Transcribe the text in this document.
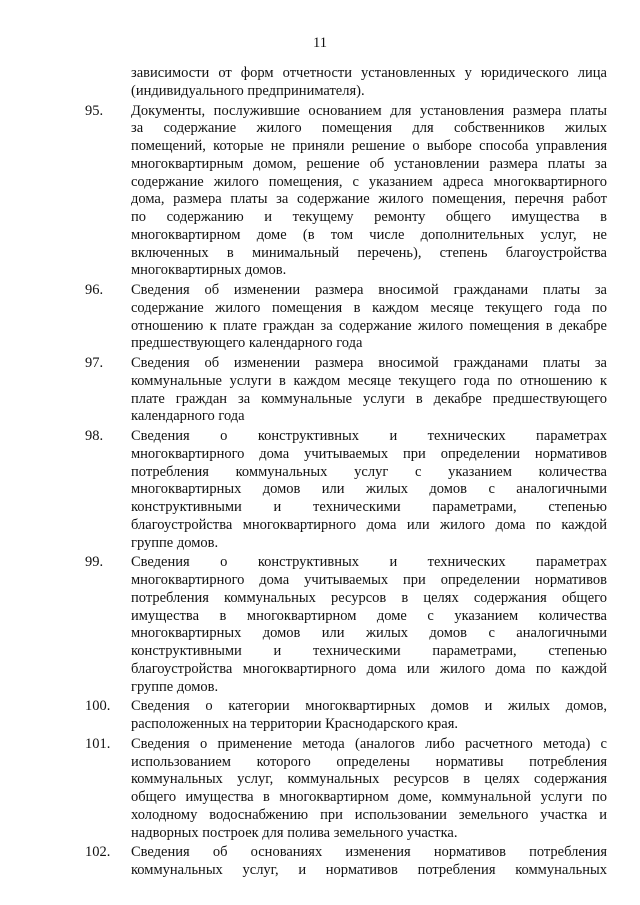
11
зависимости от форм отчетности установленных у юридического лица
(индивидуального предпринимателя).
95. Документы, послужившие основанием для установления размера платы
за содержание жилого помещения для собственников жилых
помещений, которые не приняли решение о выборе способа управления
многоквартирным домом, решение об установлении размера платы за
содержание жилого помещения, с указанием адреса многоквартирного
дома, размера платы за содержание жилого помещения, перечня работ
по содержанию и текущему ремонту общего имущества в
многоквартирном доме (в том числе дополнительных услуг, не
включенных в минимальный перечень), степень благоустройства
многоквартирных домов.
96. Сведения об изменении размера вносимой гражданами платы за
содержание жилого помещения в каждом месяце текущего года по
отношению к плате граждан за содержание жилого помещения в декабре
предшествующего календарного года
97. Сведения об изменении размера вносимой гражданами платы за
коммунальные услуги в каждом месяце текущего года по отношению к
плате граждан за коммунальные услуги в декабре предшествующего
календарного года
98. Сведения о конструктивных и технических параметрах
многоквартирного дома учитываемых при определении нормативов
потребления коммунальных услуг с указанием количества
многоквартирных домов или жилых домов с аналогичными
конструктивными и техническими параметрами, степенью
благоустройства многоквартирного дома или жилого дома по каждой
группе домов.
99. Сведения о конструктивных и технических параметрах
многоквартирного дома учитываемых при определении нормативов
потребления коммунальных ресурсов в целях содержания общего
имущества в многоквартирном доме с указанием количества
многоквартирных домов или жилых домов с аналогичными
конструктивными и техническими параметрами, степенью
благоустройства многоквартирного дома или жилого дома по каждой
группе домов.
100. Сведения о категории многоквартирных домов и жилых домов,
расположенных на территории Краснодарского края.
101. Сведения о применение метода (аналогов либо расчетного метода) с
использованием которого определены нормативы потребления
коммунальных услуг, коммунальных ресурсов в целях содержания
общего имущества в многоквартирном доме, коммунальной услуги по
холодному водоснабжению при использовании земельного участка и
надворных построек для полива земельного участка.
102. Сведения об основаниях изменения нормативов потребления
коммунальных услуг, и нормативов потребления коммунальных
